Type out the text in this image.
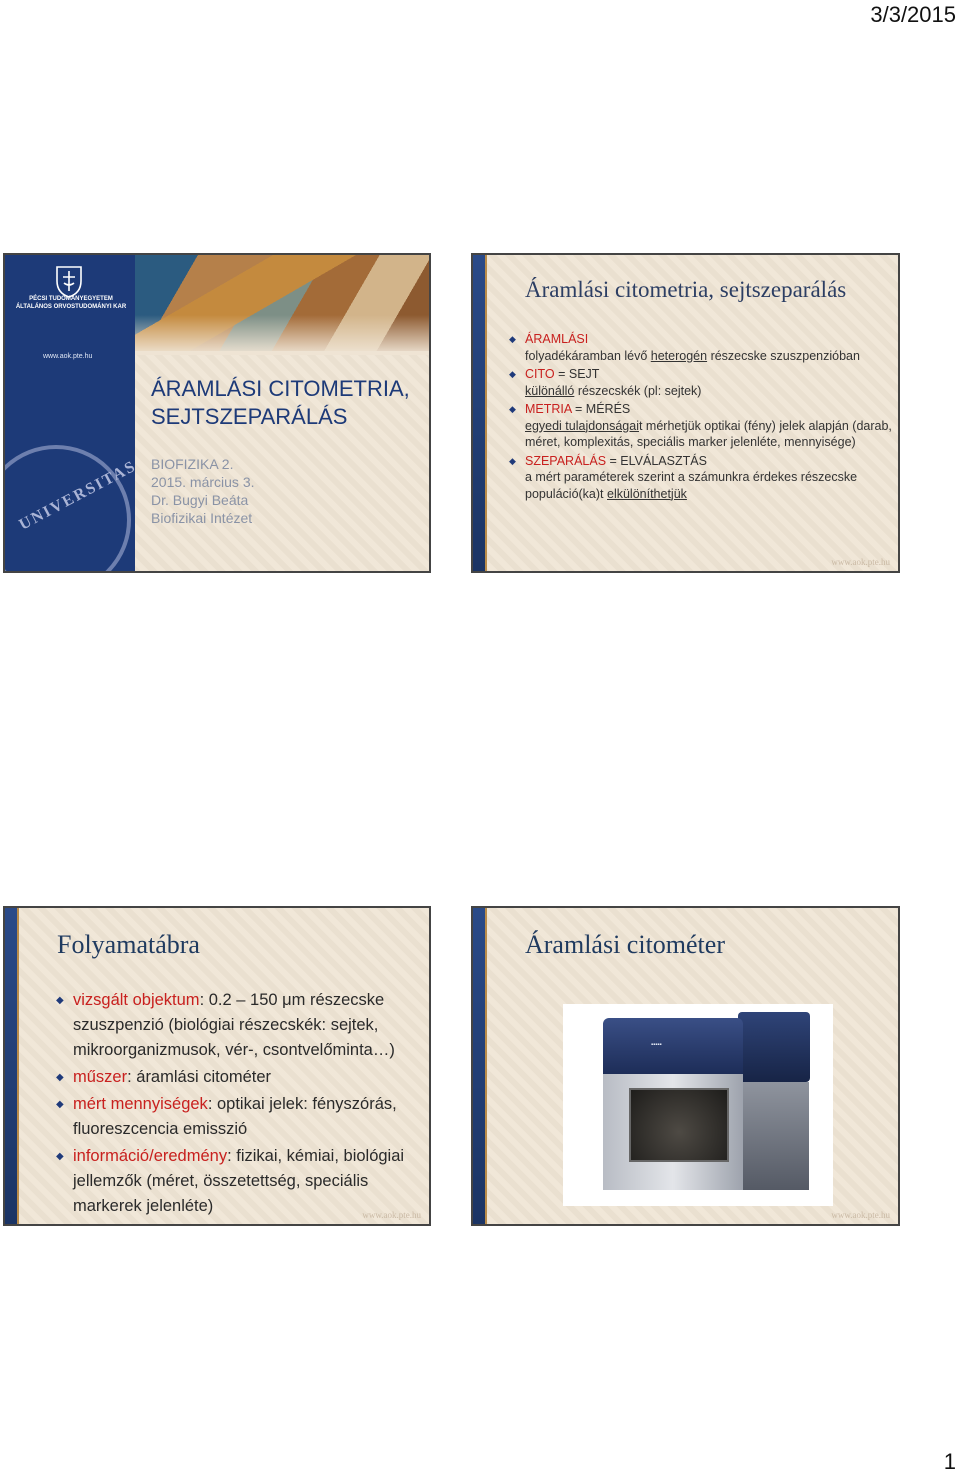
3/3/2015
PÉCSI TUDOMÁNYEGYETEM
ÁLTALÁNOS ORVOSTUDOMÁNYI KAR
www.aok.pte.hu
UNIVERSITAS
ÁRAMLÁSI CITOMETRIA, SEJTSZEPARÁLÁS
BIOFIZIKA 2.
2015. március 3.
Dr. Bugyi Beáta
Biofizikai Intézet
Áramlási citometria, sejtszeparálás
◆ ÁRAMLÁSI
folyadékáramban lévő heterogén részecske szuszpenzióban
◆ CITO = SEJT
különálló részecskék (pl: sejtek)
◆ METRIA = MÉRÉS
egyedi tulajdonságait mérhetjük optikai (fény) jelek alapján (darab, méret, komplexitás, speciális marker jelenléte, mennyisége)
◆ SZEPARÁLÁS = ELVÁLASZTÁS
a mért paraméterek szerint a számunkra érdekes részecske populáció(ka)t elkülöníthetjük
www.aok.pte.hu
Folyamatábra
◆ vizsgált objektum: 0.2 – 150 μm részecske szuszpenzió (biológiai részecskék: sejtek, mikroorganizmusok, vér-, csontvelőminta…)
◆ műszer: áramlási citométer
◆ mért mennyiségek: optikai jelek: fényszórás, fluoreszcencia emisszió
◆ információ/eredmény: fizikai, kémiai, biológiai jellemzők (méret, összetettség, speciális markerek jelenléte)	www.aok.pte.hu
Áramlási citométer
▪▪▪▪▪
www.aok.pte.hu
1
